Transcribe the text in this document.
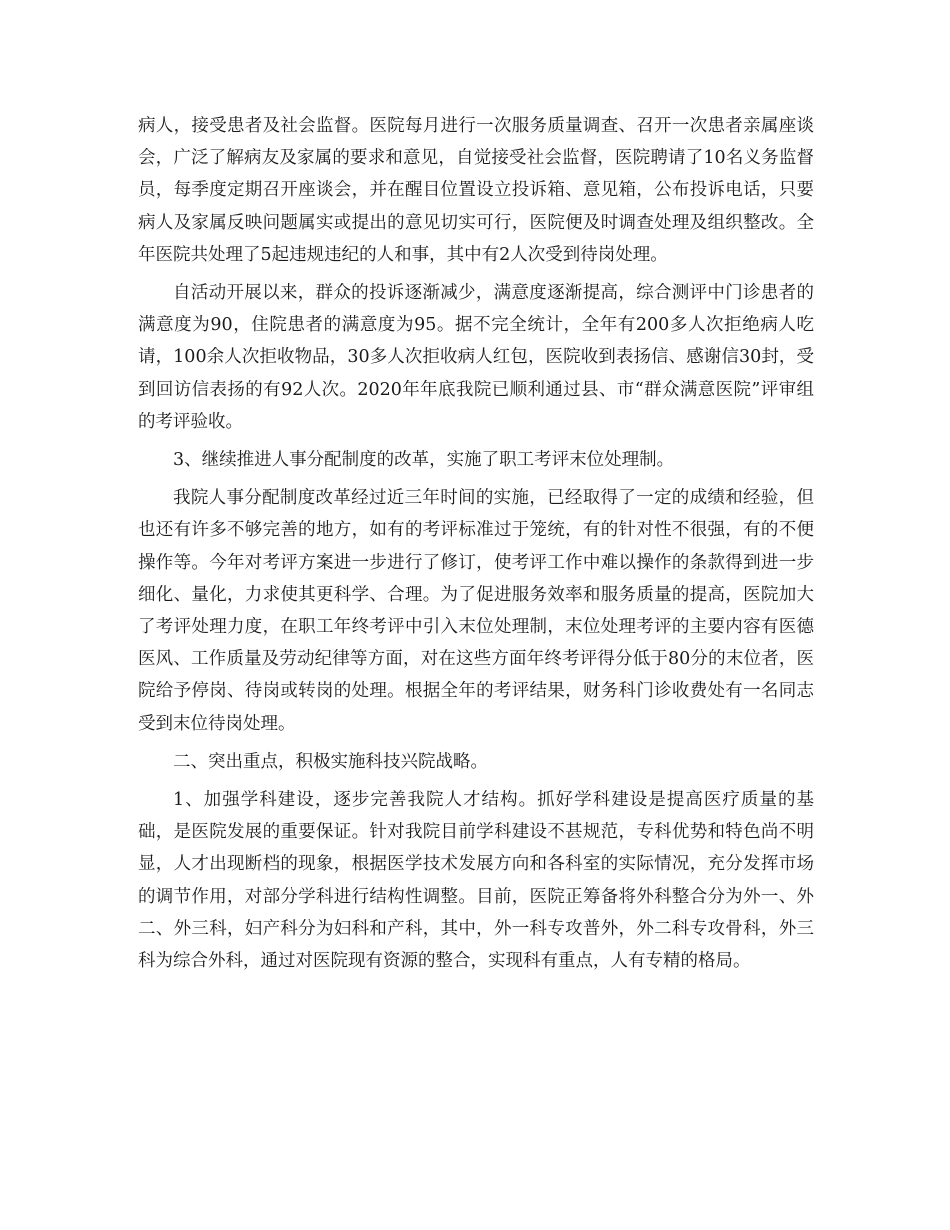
病人，接受患者及社会监督。医院每月进行一次服务质量调查、召开一次患者亲属座谈会，广泛了解病友及家属的要求和意见，自觉接受社会监督，医院聘请了10名义务监督员，每季度定期召开座谈会，并在醒目位置设立投诉箱、意见箱，公布投诉电话，只要病人及家属反映问题属实或提出的意见切实可行，医院便及时调查处理及组织整改。全年医院共处理了5起违规违纪的人和事，其中有2人次受到待岗处理。

自活动开展以来，群众的投诉逐渐减少，满意度逐渐提高，综合测评中门诊患者的满意度为90，住院患者的满意度为95。据不完全统计，全年有200多人次拒绝病人吃请，100余人次拒收物品，30多人次拒收病人红包，医院收到表扬信、感谢信30封，受到回访信表扬的有92人次。2020年年底我院已顺利通过县、市“群众满意医院”评审组的考评验收。

3、继续推进人事分配制度的改革，实施了职工考评末位处理制。

我院人事分配制度改革经过近三年时间的实施，已经取得了一定的成绩和经验，但也还有许多不够完善的地方，如有的考评标准过于笼统，有的针对性不很强，有的不便操作等。今年对考评方案进一步进行了修订，使考评工作中难以操作的条款得到进一步细化、量化，力求使其更科学、合理。为了促进服务效率和服务质量的提高，医院加大了考评处理力度，在职工年终考评中引入末位处理制，末位处理考评的主要内容有医德医风、工作质量及劳动纪律等方面，对在这些方面年终考评得分低于80分的末位者，医院给予停岗、待岗或转岗的处理。根据全年的考评结果，财务科门诊收费处有一名同志受到末位待岗处理。

二、突出重点，积极实施科技兴院战略。

1、加强学科建设，逐步完善我院人才结构。抓好学科建设是提高医疗质量的基础，是医院发展的重要保证。针对我院目前学科建设不甚规范，专科优势和特色尚不明显，人才出现断档的现象，根据医学技术发展方向和各科室的实际情况，充分发挥市场的调节作用，对部分学科进行结构性调整。目前，医院正筹备将外科整合分为外一、外二、外三科，妇产科分为妇科和产科，其中，外一科专攻普外，外二科专攻骨科，外三科为综合外科，通过对医院现有资源的整合，实现科有重点，人有专精的格局。
